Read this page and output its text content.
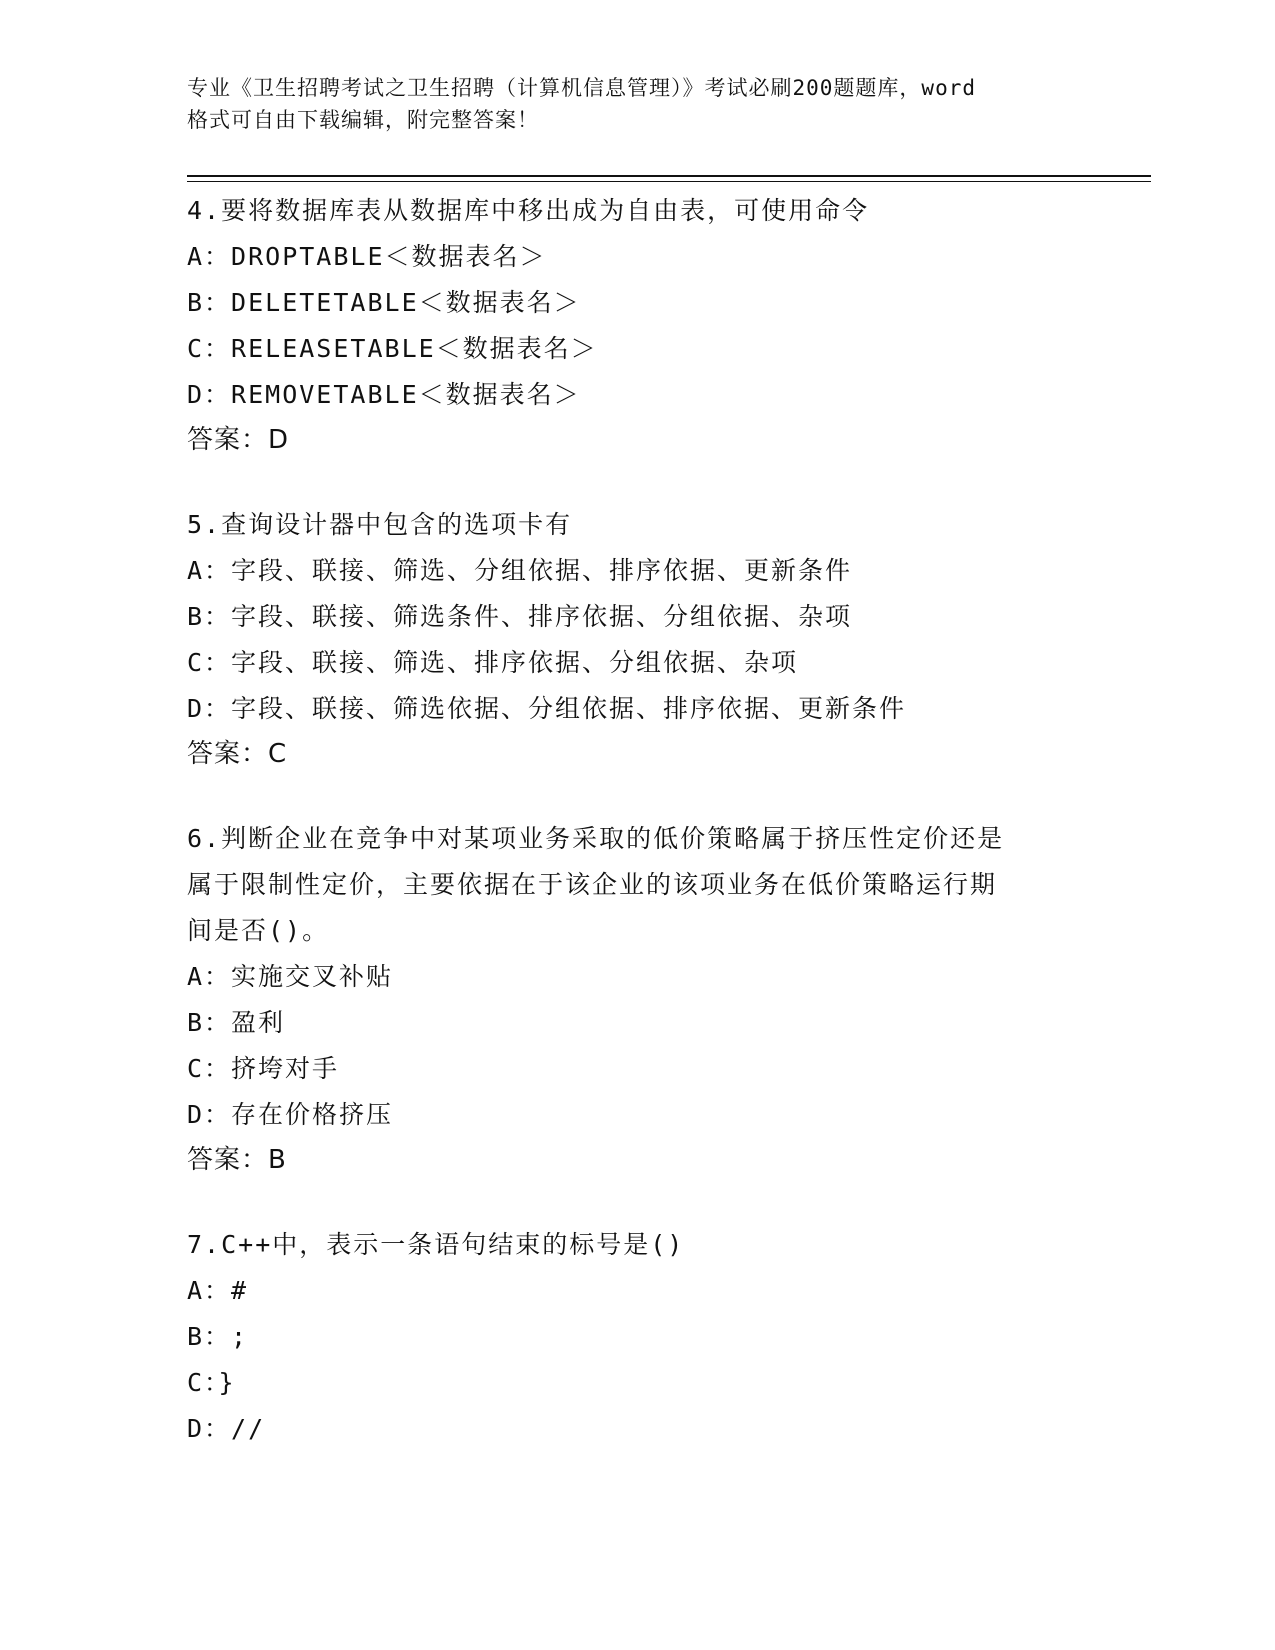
专业《卫生招聘考试之卫生招聘（计算机信息管理）》考试必刷200题题库，word
格式可自由下载编辑，附完整答案！
4.要将数据库表从数据库中移出成为自由表，可使用命令
A：DROPTABLE＜数据表名＞
B：DELETETABLE＜数据表名＞
C：RELEASETABLE＜数据表名＞
D：REMOVETABLE＜数据表名＞
答案：D
5.查询设计器中包含的选项卡有
A：字段、联接、筛选、分组依据、排序依据、更新条件
B：字段、联接、筛选条件、排序依据、分组依据、杂项
C：字段、联接、筛选、排序依据、分组依据、杂项
D：字段、联接、筛选依据、分组依据、排序依据、更新条件
答案：C
6.判断企业在竞争中对某项业务采取的低价策略属于挤压性定价还是
属于限制性定价，主要依据在于该企业的该项业务在低价策略运行期
间是否()。
A：实施交叉补贴
B：盈利
C：挤垮对手
D：存在价格挤压
答案：B
7.C++中，表示一条语句结束的标号是()
A：#
B：;
C：}
D：//
